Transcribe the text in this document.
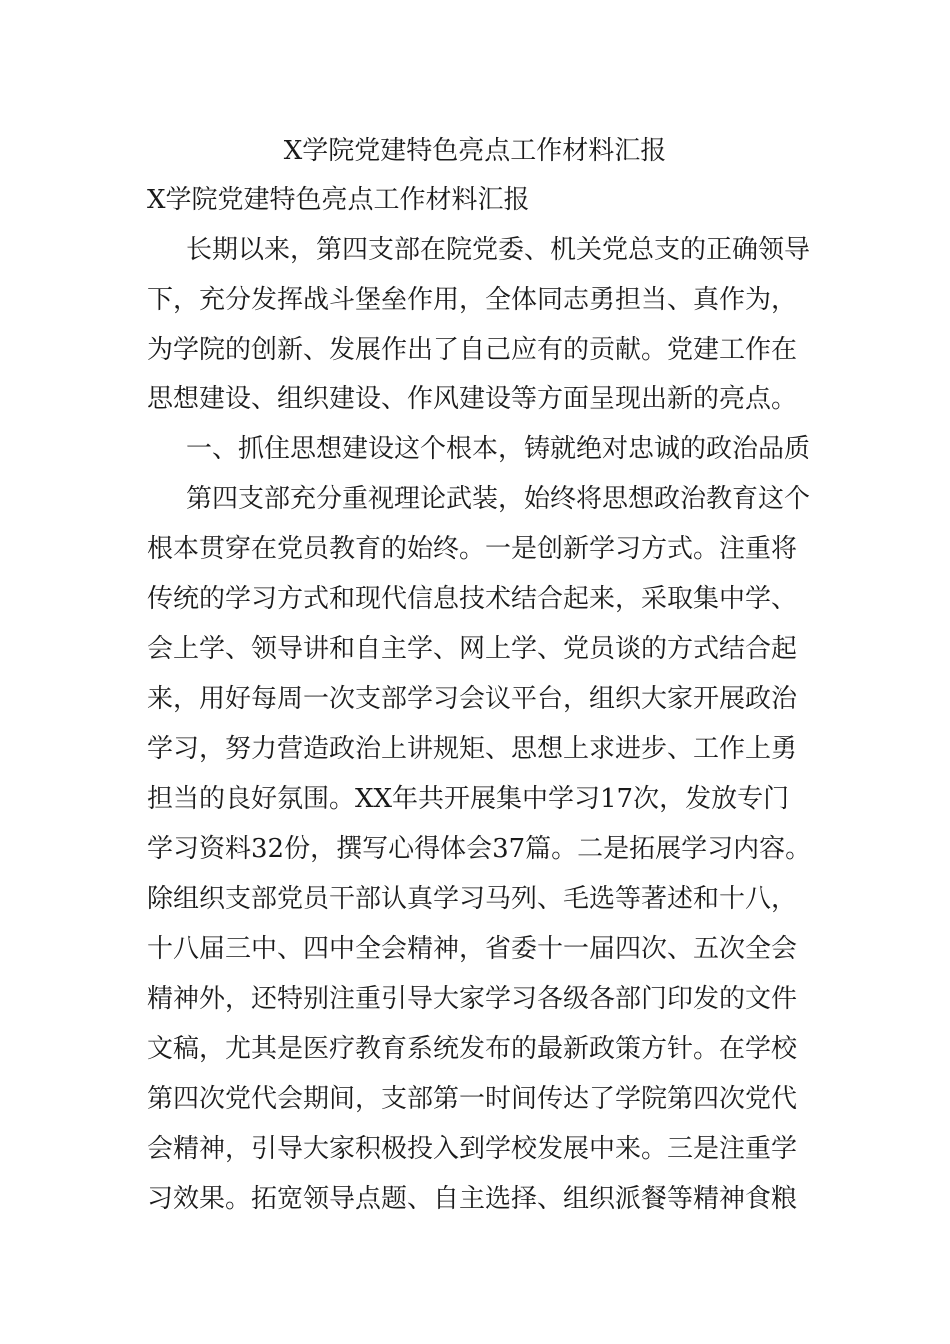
X学院党建特色亮点工作材料汇报
X学院党建特色亮点工作材料汇报
长期以来，第四支部在院党委、机关党总支的正确领导
下，充分发挥战斗堡垒作用，全体同志勇担当、真作为，
为学院的创新、发展作出了自己应有的贡献。党建工作在
思想建设、组织建设、作风建设等方面呈现出新的亮点。
一、抓住思想建设这个根本，铸就绝对忠诚的政治品质
第四支部充分重视理论武装，始终将思想政治教育这个
根本贯穿在党员教育的始终。一是创新学习方式。注重将
传统的学习方式和现代信息技术结合起来，采取集中学、
会上学、领导讲和自主学、网上学、党员谈的方式结合起
来，用好每周一次支部学习会议平台，组织大家开展政治
学习，努力营造政治上讲规矩、思想上求进步、工作上勇
担当的良好氛围。XX年共开展集中学习17次，发放专门
学习资料32份，撰写心得体会37篇。二是拓展学习内容。
除组织支部党员干部认真学习马列、毛选等著述和十八，
十八届三中、四中全会精神，省委十一届四次、五次全会
精神外，还特别注重引导大家学习各级各部门印发的文件
文稿，尤其是医疗教育系统发布的最新政策方针。在学校
第四次党代会期间，支部第一时间传达了学院第四次党代
会精神，引导大家积极投入到学校发展中来。三是注重学
习效果。拓宽领导点题、自主选择、组织派餐等精神食粮
